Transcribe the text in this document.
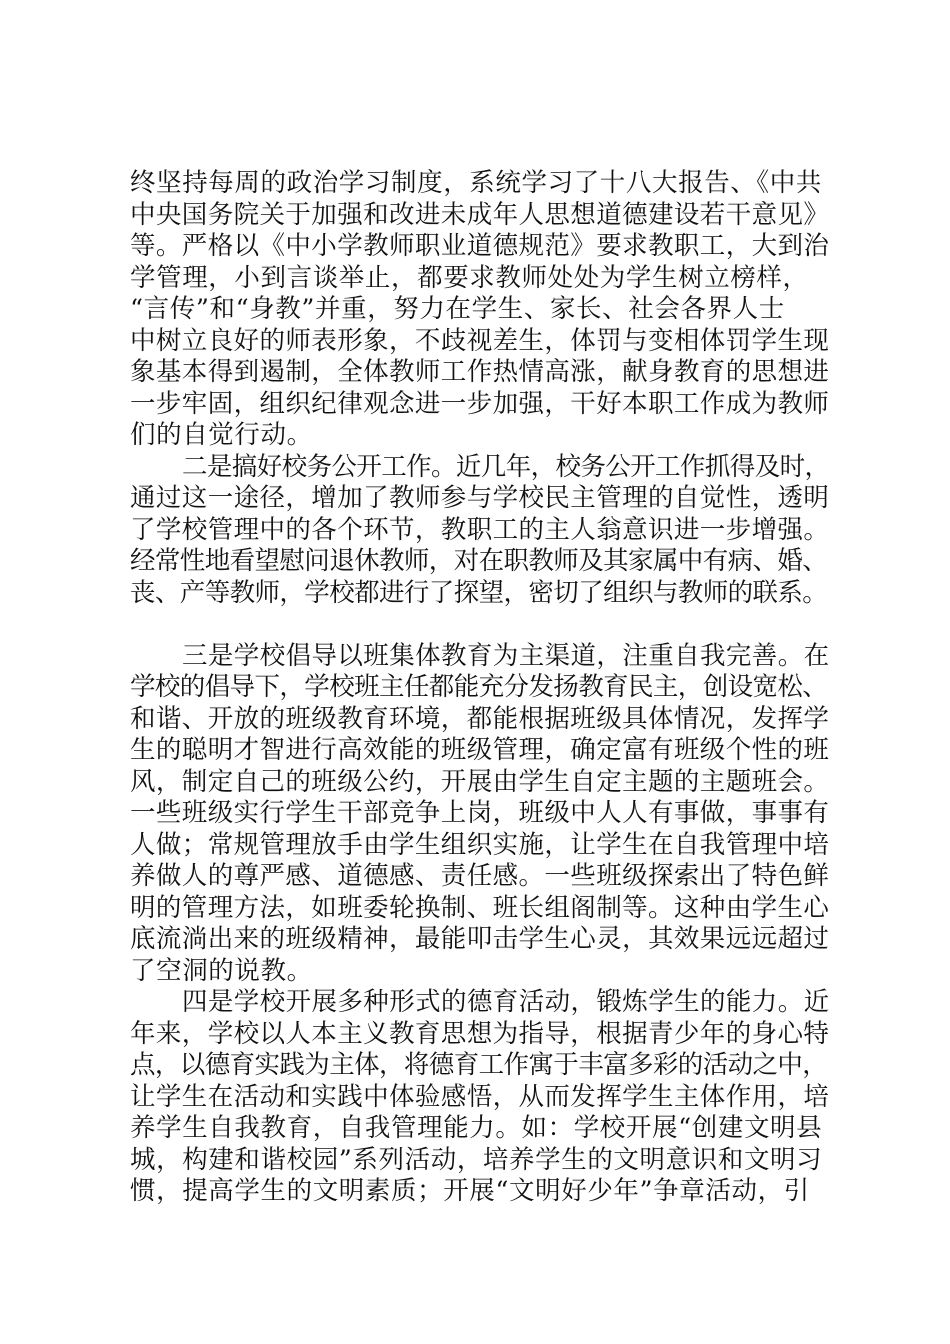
终坚持每周的政治学习制度，系统学习了十八大报告、《中共
中央国务院关于加强和改进未成年人思想道德建设若干意见》
等。严格以《中小学教师职业道德规范》要求教职工，大到治
学管理，小到言谈举止，都要求教师处处为学生树立榜样，
“言传”和“身教”并重，努力在学生、家长、社会各界人士
中树立良好的师表形象，不歧视差生，体罚与变相体罚学生现
象基本得到遏制，全体教师工作热情高涨，献身教育的思想进
一步牢固，组织纪律观念进一步加强，干好本职工作成为教师
们的自觉行动。
二是搞好校务公开工作。近几年，校务公开工作抓得及时，
通过这一途径，增加了教师参与学校民主管理的自觉性，透明
了学校管理中的各个环节，教职工的主人翁意识进一步增强。
经常性地看望慰问退休教师，对在职教师及其家属中有病、婚、
丧、产等教师，学校都进行了探望，密切了组织与教师的联系。
三是学校倡导以班集体教育为主渠道，注重自我完善。在
学校的倡导下，学校班主任都能充分发扬教育民主，创设宽松、
和谐、开放的班级教育环境，都能根据班级具体情况，发挥学
生的聪明才智进行高效能的班级管理，确定富有班级个性的班
风，制定自己的班级公约，开展由学生自定主题的主题班会。
一些班级实行学生干部竞争上岗，班级中人人有事做，事事有
人做；常规管理放手由学生组织实施，让学生在自我管理中培
养做人的尊严感、道德感、责任感。一些班级探索出了特色鲜
明的管理方法，如班委轮换制、班长组阁制等。这种由学生心
底流淌出来的班级精神，最能叩击学生心灵，其效果远远超过
了空洞的说教。
四是学校开展多种形式的德育活动，锻炼学生的能力。近
年来，学校以人本主义教育思想为指导，根据青少年的身心特
点，以德育实践为主体，将德育工作寓于丰富多彩的活动之中，
让学生在活动和实践中体验感悟，从而发挥学生主体作用，培
养学生自我教育，自我管理能力。如：学校开展“创建文明县
城，构建和谐校园”系列活动，培养学生的文明意识和文明习
惯，提高学生的文明素质；开展“文明好少年”争章活动，引
